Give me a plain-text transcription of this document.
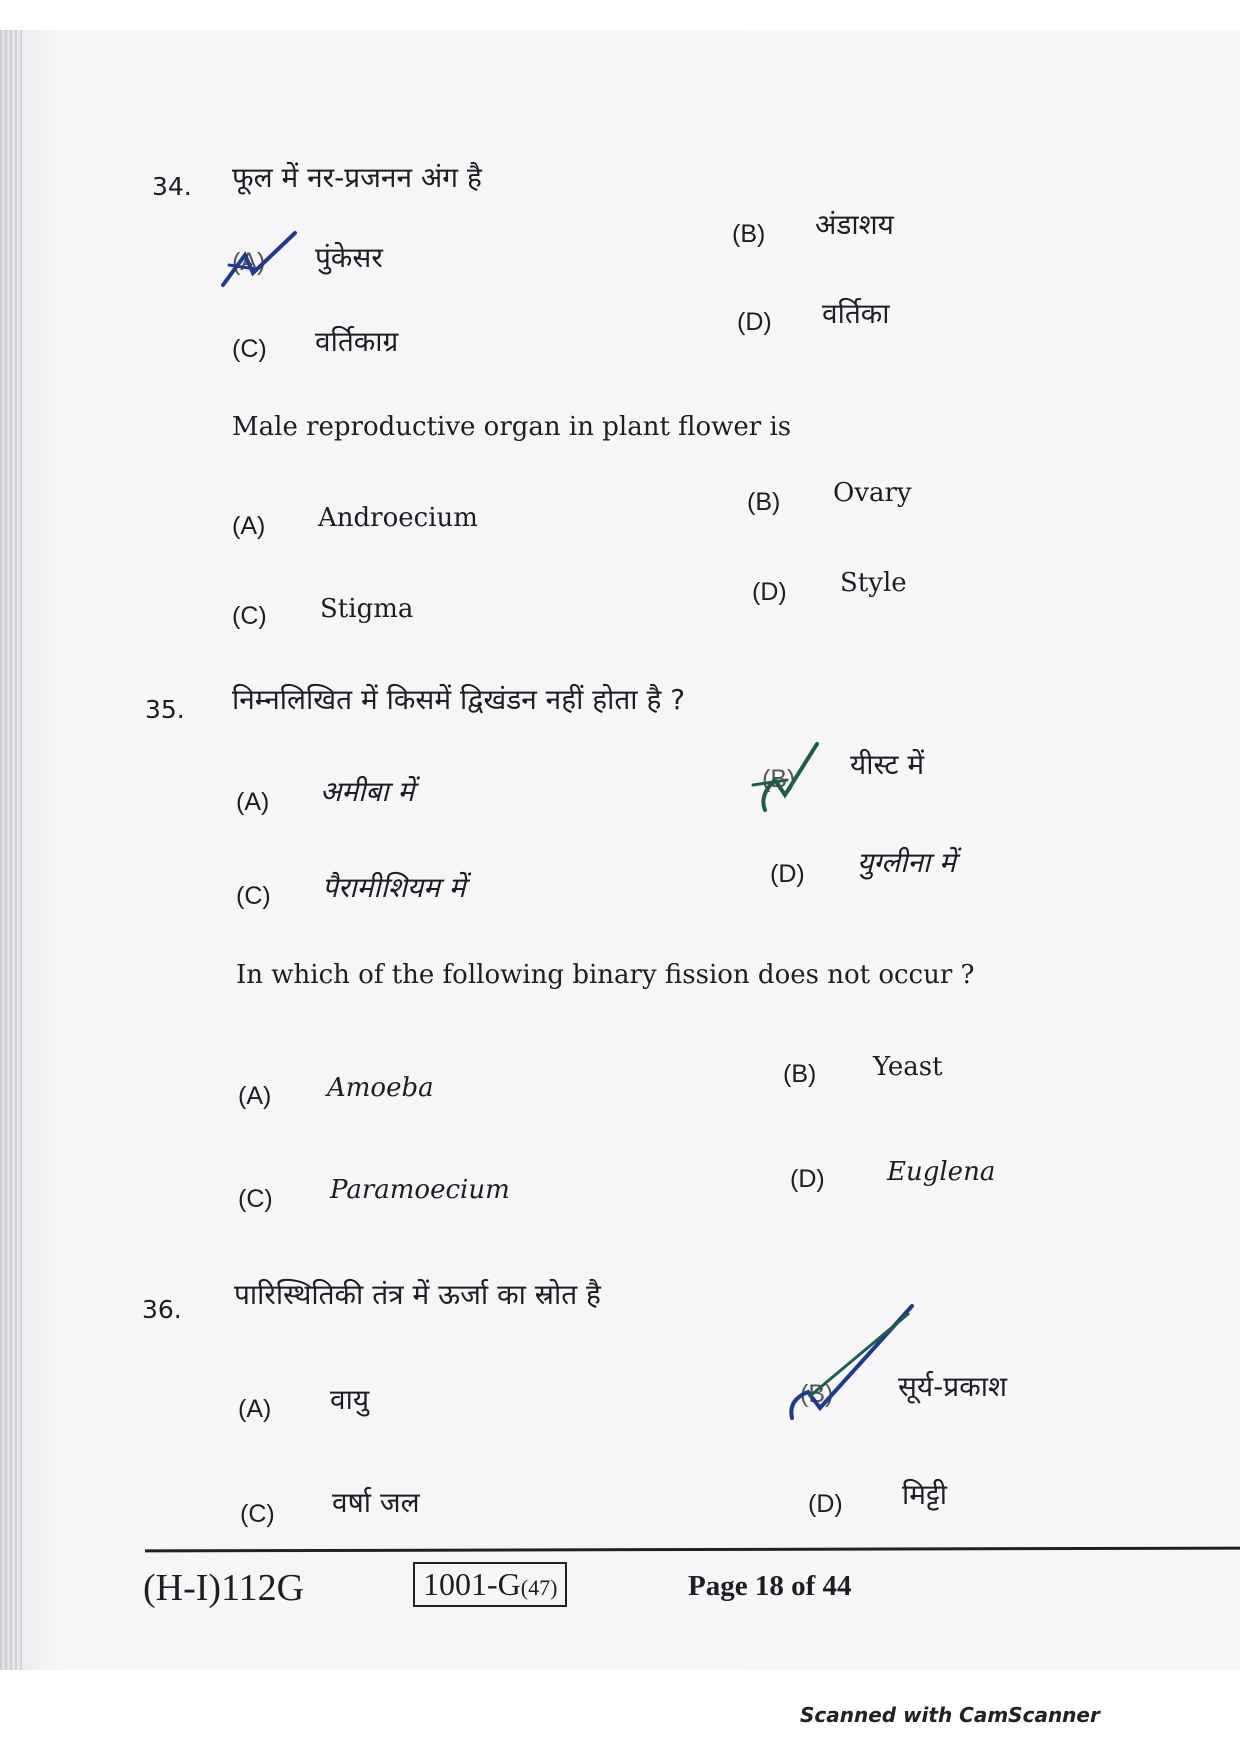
34. फूल में नर-प्रजनन अंग है
(A) पुंकेसर
(B) अंडाशय
(C) वर्तिकाग्र
(D) वर्तिका
Male reproductive organ in plant flower is
(A) Androecium
(B) Ovary
(C) Stigma
(D) Style
35. निम्नलिखित में किसमें द्विखंडन नहीं होता है ?
(A) अमीबा में	(B) यीस्ट में
(C) पैरामीशियम में	(D) युग्लीना में
In which of the following binary fission does not occur ?
(A) Amoeba	(B) Yeast
(C) Paramoecium	(D) Euglena
36. पारिस्थितिकी तंत्र में ऊर्जा का स्रोत है
(A) वायु	(B) सूर्य-प्रकाश
(C) वर्षा जल	(D) मिट्टी
(H-I)112G	1001-G(47)	Page 18 of 44
Scanned with CamScanner
